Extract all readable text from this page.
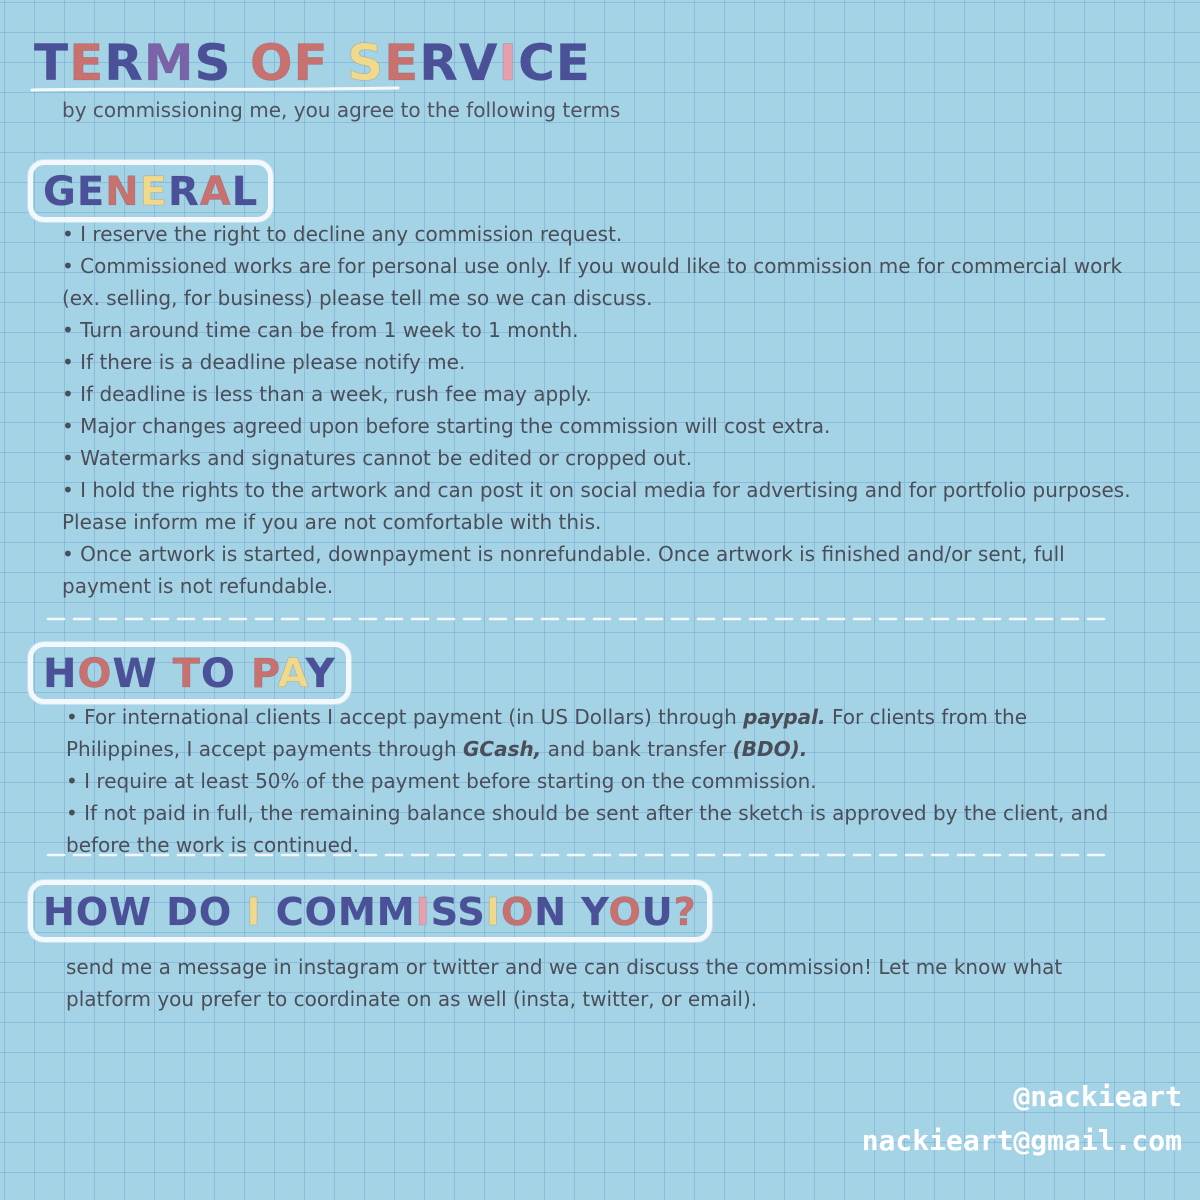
TERMS OF SERVICE
by commissioning me, you agree to the following terms
GENERAL
• I reserve the right to decline any commission request.
• Commissioned works are for personal use only. If you would like to commission me for commercial work (ex. selling, for business) please tell me so we can discuss.
• Turn around time can be from 1 week to 1 month.
• If there is a deadline please notify me.
• If deadline is less than a week, rush fee may apply.
• Major changes agreed upon before starting the commission will cost extra.
• Watermarks and signatures cannot be edited or cropped out.
• I hold the rights to the artwork and can post it on social media for advertising and for portfolio purposes. Please inform me if you are not comfortable with this.
• Once artwork is started, downpayment is nonrefundable. Once artwork is finished and/or sent, full payment is not refundable.
HOW TO PAY
• For international clients I accept payment (in US Dollars) through paypal. For clients from the Philippines, I accept payments through GCash, and bank transfer (BDO).
• I require at least 50% of the payment before starting on the commission.
• If not paid in full, the remaining balance should be sent after the sketch is approved by the client, and before the work is continued.
HOW DO I COMMISSION YOU?
send me a message in instagram or twitter and we can discuss the commission! Let me know what platform you prefer to coordinate on as well (insta, twitter, or email).
@nackieart
nackieart@gmail.com
